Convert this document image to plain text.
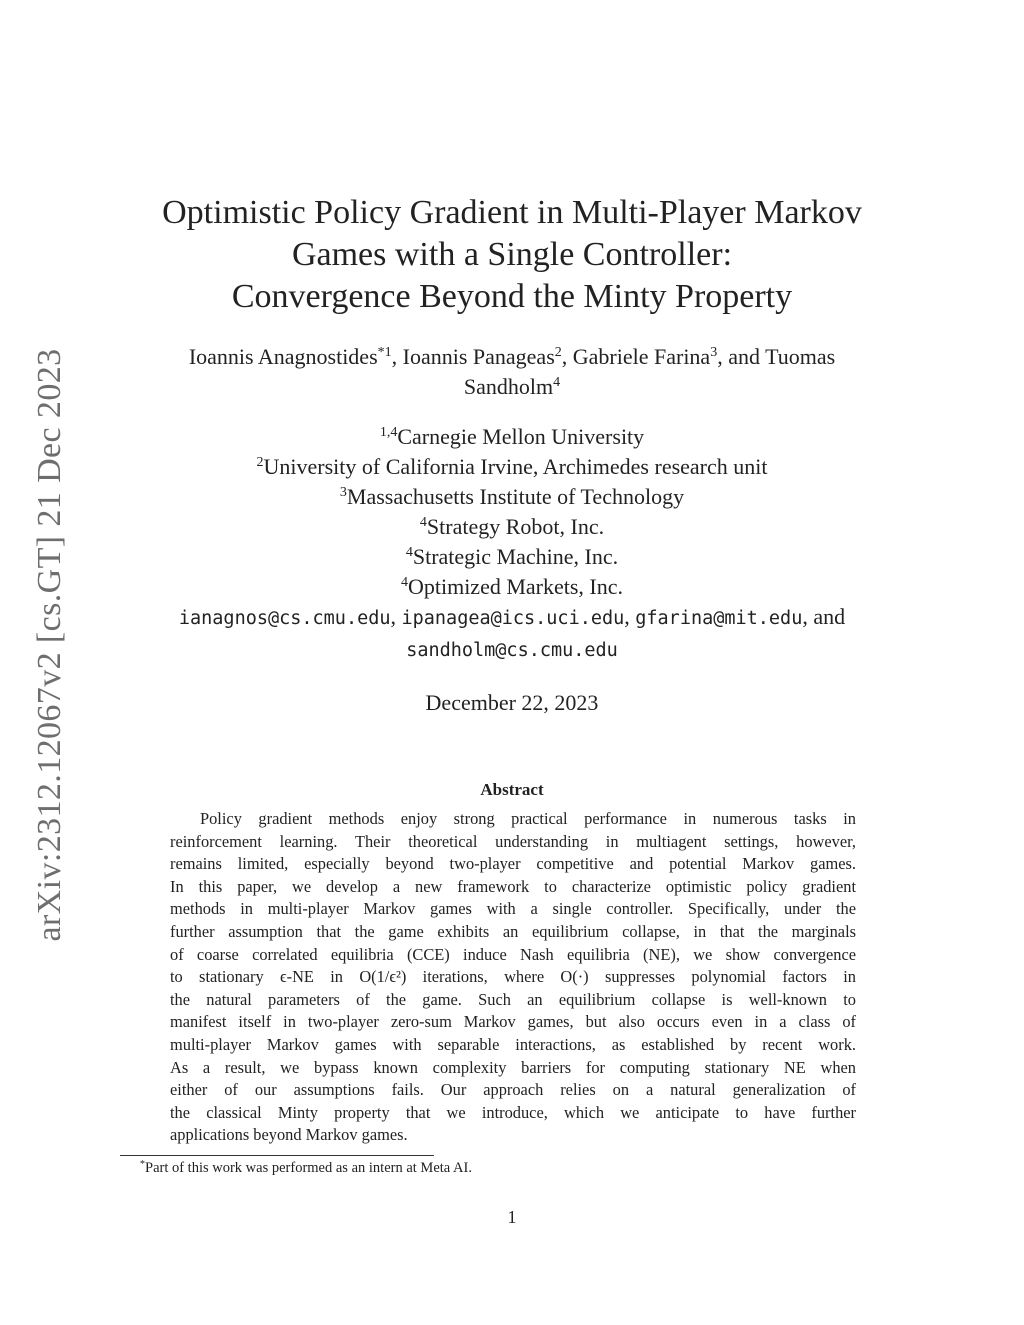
arXiv:2312.12067v2 [cs.GT] 21 Dec 2023
Optimistic Policy Gradient in Multi-Player Markov
Games with a Single Controller:
Convergence Beyond the Minty Property
Ioannis Anagnostides$^{*1}$, Ioannis Panageas$^2$, Gabriele Farina$^3$, and Tuomas
Sandholm$^4$
$^{1,4}$Carnegie Mellon University
$^2$University of California Irvine, Archimedes research unit
$^3$Massachusetts Institute of Technology
$^4$Strategy Robot, Inc.
$^4$Strategic Machine, Inc.
$^4$Optimized Markets, Inc.
ianagnos@cs.cmu.edu, ipanagea@ics.uci.edu, gfarina@mit.edu, and
sandholm@cs.cmu.edu
December 22, 2023
Abstract
Policy gradient methods enjoy strong practical performance in numerous tasks in
reinforcement learning. Their theoretical understanding in multiagent settings, however,
remains limited, especially beyond two-player competitive and potential Markov games.
In this paper, we develop a new framework to characterize optimistic policy gradient
methods in multi-player Markov games with a single controller. Specifically, under the
further assumption that the game exhibits an equilibrium collapse, in that the marginals
of coarse correlated equilibria (CCE) induce Nash equilibria (NE), we show convergence
to stationary ϵ-NE in O(1/ϵ²) iterations, where O(·) suppresses polynomial factors in
the natural parameters of the game. Such an equilibrium collapse is well-known to
manifest itself in two-player zero-sum Markov games, but also occurs even in a class of
multi-player Markov games with separable interactions, as established by recent work.
As a result, we bypass known complexity barriers for computing stationary NE when
either of our assumptions fails. Our approach relies on a natural generalization of
the classical Minty property that we introduce, which we anticipate to have further
applications beyond Markov games.
*Part of this work was performed as an intern at Meta AI.
1
